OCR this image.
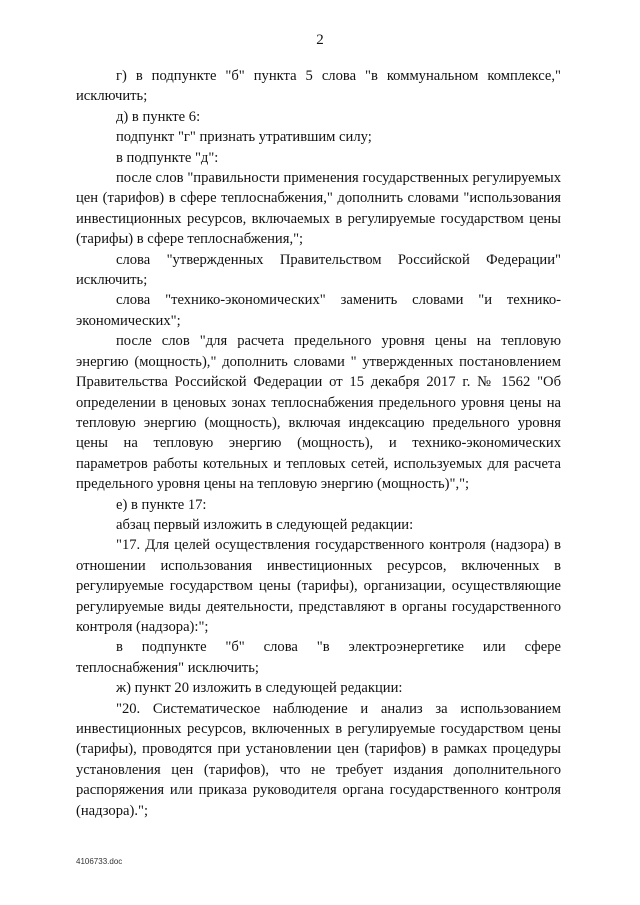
2

г) в подпункте "б" пункта 5 слова "в коммунальном комплексе," исключить;

д) в пункте 6:

подпункт "г" признать утратившим силу;

в подпункте "д":

после слов "правильности применения государственных регулируемых цен (тарифов) в сфере теплоснабжения," дополнить словами "использования инвестиционных ресурсов, включаемых в регулируемые государством цены (тарифы) в сфере теплоснабжения,";

слова "утвержденных Правительством Российской Федерации" исключить;

слова "технико-экономических" заменить словами "и технико-экономических";

после слов "для расчета предельного уровня цены на тепловую энергию (мощность)," дополнить словами " утвержденных постановлением Правительства Российской Федерации от 15 декабря 2017 г. № 1562 "Об определении в ценовых зонах теплоснабжения предельного уровня цены на тепловую энергию (мощность), включая индексацию предельного уровня цены на тепловую энергию (мощность), и технико-экономических параметров работы котельных и тепловых сетей, используемых для расчета предельного уровня цены на тепловую энергию (мощность)",";

е) в пункте 17:

абзац первый изложить в следующей редакции:

"17. Для целей осуществления государственного контроля (надзора) в отношении использования инвестиционных ресурсов, включенных в регулируемые государством цены (тарифы), организации, осуществляющие регулируемые виды деятельности, представляют в органы государственного контроля (надзора):";

в подпункте "б" слова "в электроэнергетике или сфере теплоснабжения" исключить;

ж) пункт 20 изложить в следующей редакции:

"20. Систематическое наблюдение и анализ за использованием инвестиционных ресурсов, включенных в регулируемые государством цены (тарифы), проводятся при установлении цен (тарифов) в рамках процедуры установления цен (тарифов), что не требует издания дополнительного распоряжения или приказа руководителя органа государственного контроля (надзора).";

4106733.doc
